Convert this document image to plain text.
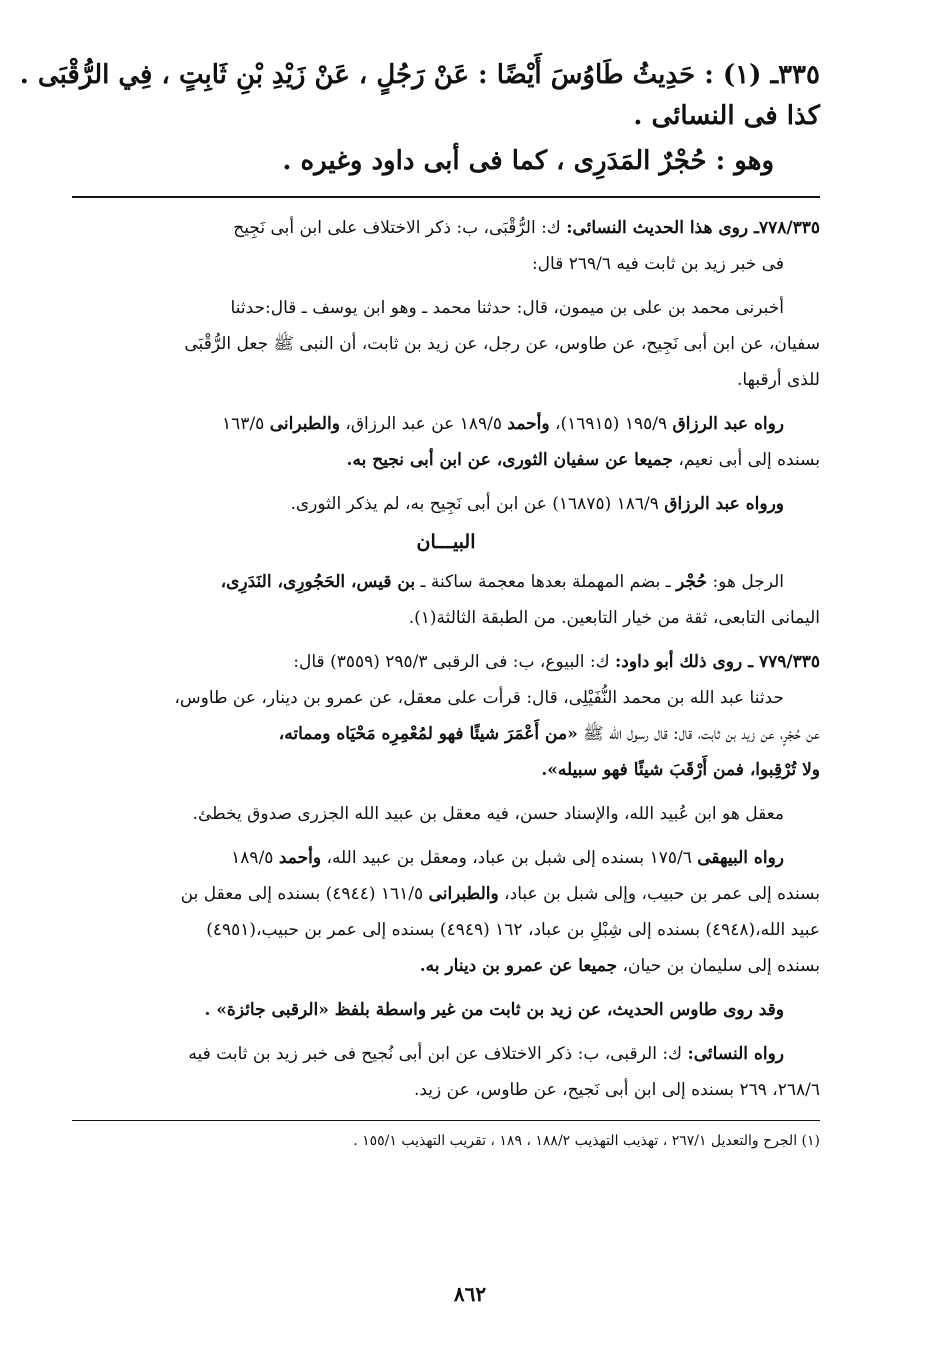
٣٣٥ـ (١) : حَدِيثُ طَاوُسَ أَيْضًا : عَنْ رَجُلٍ ، عَنْ زَيْدِ بْنِ ثَابِتٍ ، فِي الرُّقْبَى .
كذا فى النسائى .
وهو : حُجْرٌ المَدَرِى ، كما فى أبى داود وغيره .
٧٧٨/٣٣٥ـ روى هذا الحديث النسائى: ك: الرُّقْبَى، ب: ذكر الاختلاف على ابن أبى نَجِيح
فى خبر زيد بن ثابت فيه ٢٦٩/٦ قال:
أخبرنى محمد بن على بن ميمون، قال: حدثنا محمد ـ وهو ابن يوسف ـ قال:حدثنا
سفيان، عن ابن أبى نَجِيح، عن طاوس، عن رجل، عن زيد بن ثابت، أن النبى ﷺ جعل الرُّقْبَى
للذى أرقبها.
رواه عبد الرزاق ١٩٥/٩ (١٦٩١٥)، وأحمد ١٨٩/٥ عن عبد الرزاق، والطبرانى ١٦٣/٥
بسنده إلى أبى نعيم، جميعا عن سفيان الثورى، عن ابن أبى نجيح به.
ورواه عبد الرزاق ١٨٦/٩ (١٦٨٧٥) عن ابن أبى نَجِيح به، لم يذكر الثورى.
البيـــان
الرجل هو: حُجْر ـ بضم المهملة بعدها معجمة ساكنة ـ بن قيس، الحَجُورِى، النَدَرِى،
اليمانى التابعى، ثقة من خيار التابعين. من الطبقة الثالثة(١).
٧٧٩/٣٣٥ ـ روى ذلك أبو داود: ك: البيوع، ب: فى الرقبى ٢٩٥/٣ (٣٥٥٩) قال:
حدثنا عبد الله بن محمد النُّفَيْلِى، قال: قرأت على معقل، عن عمرو بن دينار، عن طاوس،
عن حُجْرٍ، عن زيد بن ثابت، قال: قال رسول الله ﷺ «من أَعْمَرَ شيئًا فهو لمُعْمِرِه مَحْيَاه ومماته،
ولا تُرْقِبوا، فمن أَرْقَبَ شيئًا فهو سبيله».
معقل هو ابن عُبيد الله، والإسناد حسن، فيه معقل بن عبيد الله الجزرى صدوق يخطئ.
رواه البيهقى ١٧٥/٦ بسنده إلى شبل بن عباد، ومعقل بن عبيد الله، وأحمد ١٨٩/٥
بسنده إلى عمر بن حبيب، وإلى شبل بن عباد، والطبرانى ١٦١/٥ (٤٩٤٤) بسنده إلى معقل بن
عبيد الله،(٤٩٤٨) بسنده إلى شِبْلِ بن عباد، ١٦٢ (٤٩٤٩) بسنده إلى عمر بن حبيب،(٤٩٥١)
بسنده إلى سليمان بن حيان، جميعا عن عمرو بن دينار به.
وقد روى طاوس الحديث، عن زيد بن ثابت من غير واسطة بلفظ «الرقبى جائزة» .
رواه النسائى: ك: الرقبى، ب: ذكر الاختلاف عن ابن أبى نُجيح فى خبر زيد بن ثابت فيه
٢٦٨/٦، ٢٦٩ بسنده إلى ابن أبى نَجيح، عن طاوس، عن زيد.
(١) الجرح والتعديل ٢٦٧/١ ، تهذيب التهذيب ١٨٨/٢ ، ١٨٩ ، تقريب التهذيب ١٥٥/١ .
٨٦٢
